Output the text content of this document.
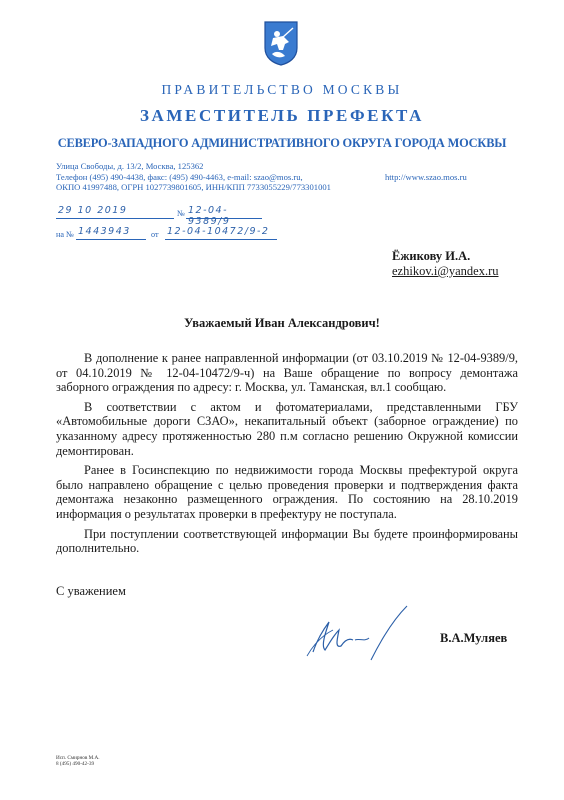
ПРАВИТЕЛЬСТВО МОСКВЫ
ЗАМЕСТИТЕЛЬ ПРЕФЕКТА
СЕВЕРО-ЗАПАДНОГО АДМИНИСТРАТИВНОГО ОКРУГА ГОРОДА МОСКВЫ
Улица Свободы, д. 13/2, Москва, 125362
Телефон (495) 490-4438, факс: (495) 490-4463, e-mail: szao@mos.ru,
ОКПО 41997488, ОГРН 1027739801605, ИНН/КПП 7733055229/773301001
http://www.szao.mos.ru
29 10 2019	№ 12-04-9389/9
на № 1443943 от 12-04-10472/9-2
Ёжикову И.А.
ezhikov.i@yandex.ru
Уважаемый Иван Александрович!

В дополнение к ранее направленной информации (от 03.10.2019 № 12-04-9389/9, от 04.10.2019 № 12-04-10472/9-ч) на Ваше обращение по вопросу демонтажа заборного ограждения по адресу: г. Москва, ул. Таманская, вл.1 сообщаю.

В соответствии с актом и фотоматериалами, представленными ГБУ «Автомобильные дороги СЗАО», некапитальный объект (заборное ограждение) по указанному адресу протяженностью 280 п.м согласно решению Окружной комиссии демонтирован.

Ранее в Госинспекцию по недвижимости города Москвы префектурой округа было направлено обращение с целью проведения проверки и подтверждения факта демонтажа незаконно размещенного ограждения. По состоянию на 28.10.2019 информация о результатах проверки в префектуру не поступала.

При поступлении соответствующей информации Вы будете проинформированы дополнительно.

С уважением
В.А.Муляев
Исп. Смирнов М.А.
8 (495) 490-42-39
